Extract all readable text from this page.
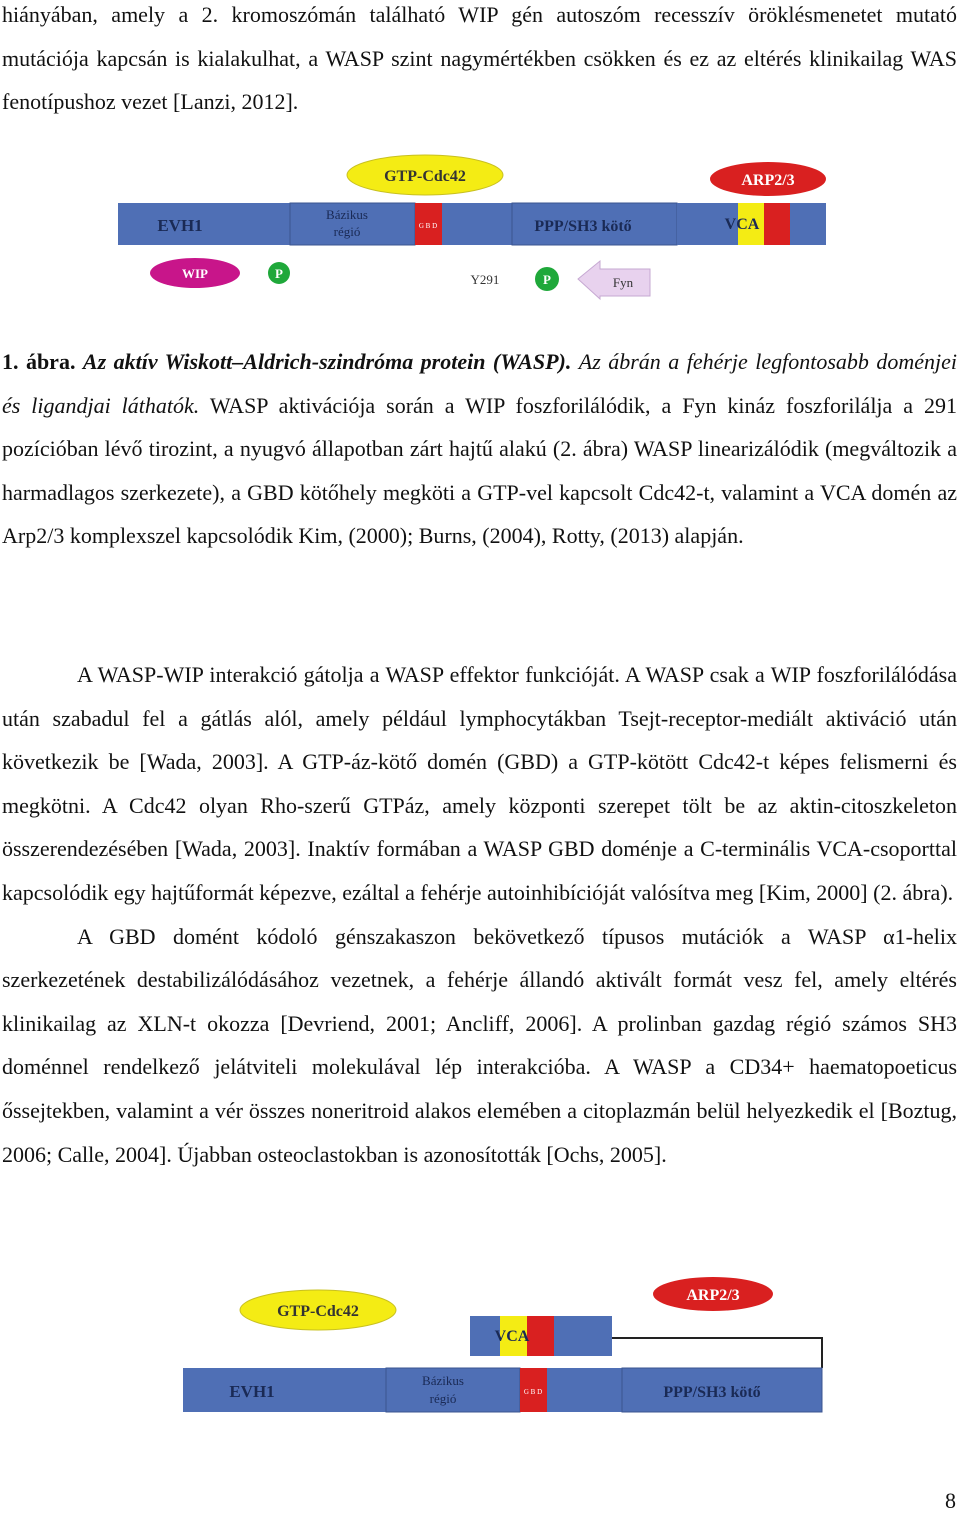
hiányában, amely a 2. kromoszómán található WIP gén autoszóm recesszív öröklésmenetet mutató mutációja kapcsán is kialakulhat, a WASP szint nagymértékben csökken és ez az eltérés klinikailag WAS fenotípushoz vezet [Lanzi, 2012].

GTP-Cdc42	ARP2/3
EVH1
Bázikus
régió	G B D	PPP/SH3 kötő	VCA
WIP	P	Y291	P	Fyn

1. ábra. Az aktív Wiskott–Aldrich-szindróma protein (WASP). Az ábrán a fehérje legfontosabb doménjei és ligandjai láthatók. WASP aktivációja során a WIP foszforilálódik, a Fyn kináz foszforilálja a 291 pozícióban lévő tirozint, a nyugvó állapotban zárt hajtű alakú (2. ábra) WASP linearizálódik (megváltozik a harmadlagos szerkezete), a GBD kötőhely megköti a GTP-vel kapcsolt Cdc42-t, valamint a VCA domén az Arp2/3 komplexszel kapcsolódik Kim, (2000); Burns, (2004), Rotty, (2013) alapján.

A WASP-WIP interakció gátolja a WASP effektor funkcióját. A WASP csak a WIP foszforilálódása után szabadul fel a gátlás alól, amely például lymphocytákban Tsejt-receptor-mediált aktiváció után következik be [Wada, 2003]. A GTP-áz-kötő domén (GBD) a GTP-kötött Cdc42-t képes felismerni és megkötni. A Cdc42 olyan Rho-szerű GTPáz, amely központi szerepet tölt be az aktin-citoszkeleton összerendezésében [Wada, 2003]. Inaktív formában a WASP GBD doménje a C-terminális VCA-csoporttal kapcsolódik egy hajtűformát képezve, ezáltal a fehérje autoinhibícióját valósítva meg [Kim, 2000] (2. ábra).
A GBD domént kódoló génszakaszon bekövetkező típusos mutációk a WASP α1-helix szerkezetének destabilizálódásához vezetnek, a fehérje állandó aktivált formát vesz fel, amely eltérés klinikailag az XLN-t okozza [Devriend, 2001; Ancliff, 2006]. A prolinban gazdag régió számos SH3 doménnel rendelkező jelátviteli molekulával lép interakcióba. A WASP a CD34+ haematopoeticus őssejtekben, valamint a vér összes noneritroid alakos elemében a citoplazmán belül helyezkedik el [Boztug, 2006; Calle, 2004]. Újabban osteoclastokban is azonosították [Ochs, 2005].

GTP-Cdc42
ARP2/3
VCA
EVH1
Bázikus
régió	G B D	PPP/SH3 kötő
8
